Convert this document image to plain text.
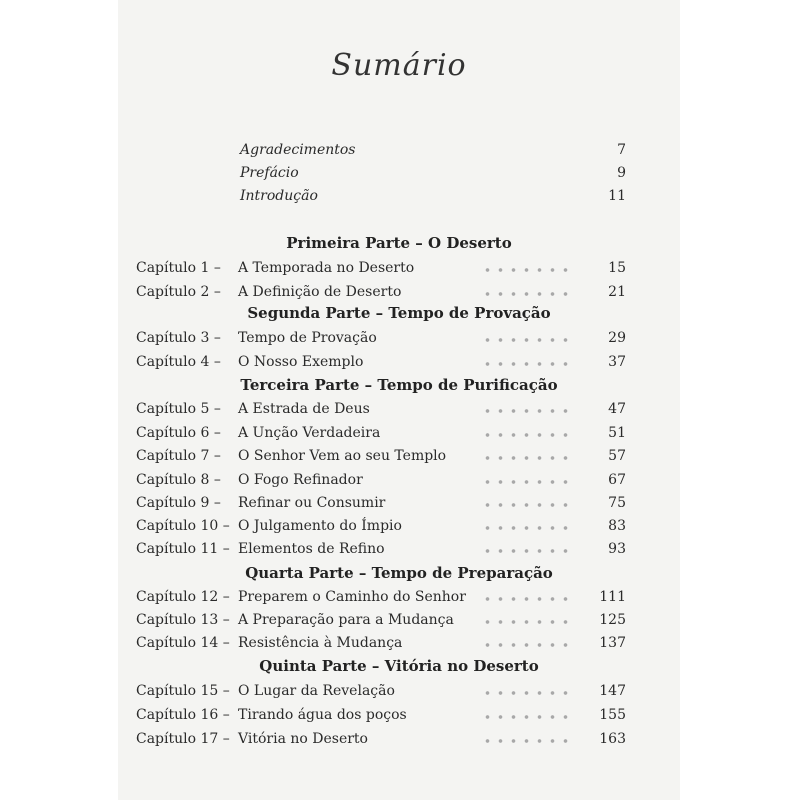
Sumário
Agradecimentos	7
Prefácio	9
Introdução	11
Primeira Parte – O Deserto
Capítulo 1 – A Temporada no Deserto	15
Capítulo 2 – A Definição de Deserto	21
Segunda Parte – Tempo de Provação
Capítulo 3 – Tempo de Provação	29
Capítulo 4 – O Nosso Exemplo	37
Terceira Parte – Tempo de Purificação
Capítulo 5 – A Estrada de Deus	47
Capítulo 6 – A Unção Verdadeira	51
Capítulo 7 – O Senhor Vem ao seu Templo	57
Capítulo 8 – O Fogo Refinador	67
Capítulo 9 – Refinar ou Consumir	75
Capítulo 10 – O Julgamento do Ímpio	83
Capítulo 11 – Elementos de Refino	93
Quarta Parte – Tempo de Preparação
Capítulo 12 – Preparem o Caminho do Senhor	111
Capítulo 13 – A Preparação para a Mudança	125
Capítulo 14 – Resistência à Mudança	137
Quinta Parte – Vitória no Deserto
Capítulo 15 – O Lugar da Revelação	147
Capítulo 16 – Tirando água dos poços	155
Capítulo 17 – Vitória no Deserto	163
